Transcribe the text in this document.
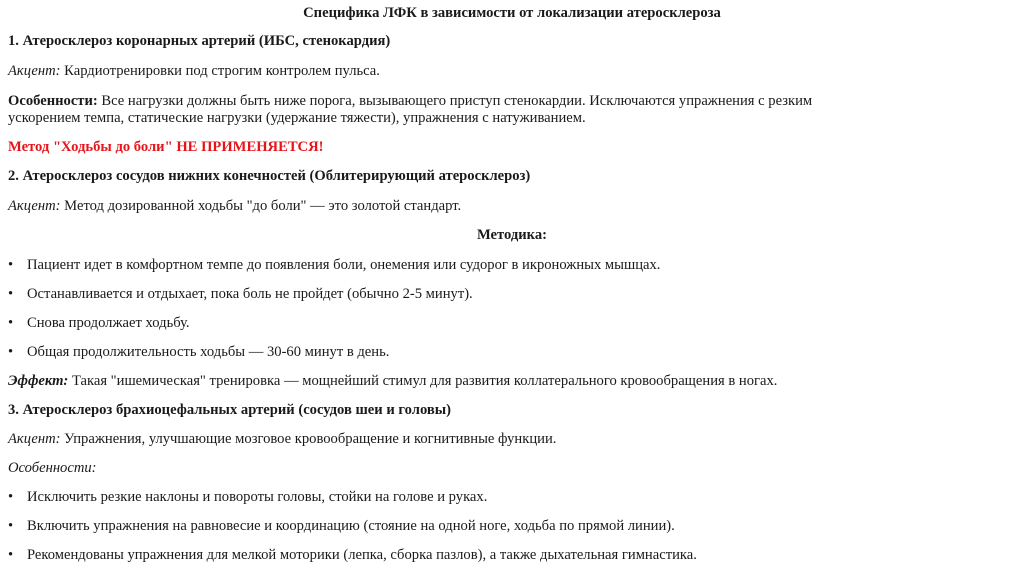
Специфика ЛФК в зависимости от локализации атеросклероза
1. Атеросклероз коронарных артерий (ИБС, стенокардия)
Акцент: Кардиотренировки под строгим контролем пульса.
Особенности: Все нагрузки должны быть ниже порога, вызывающего приступ стенокардии. Исключаются упражнения с резким
ускорением темпа, статические нагрузки (удержание тяжести), упражнения с натуживанием.
Метод "Ходьбы до боли" НЕ ПРИМЕНЯЕТСЯ!
2. Атеросклероз сосудов нижних конечностей (Облитерирующий атеросклероз)
Акцент: Метод дозированной ходьбы "до боли" — это золотой стандарт.
Методика:
• Пациент идет в комфортном темпе до появления боли, онемения или судорог в икроножных мышцах.
• Останавливается и отдыхает, пока боль не пройдет (обычно 2-5 минут).
• Снова продолжает ходьбу.
• Общая продолжительность ходьбы — 30-60 минут в день.
Эффект: Такая "ишемическая" тренировка — мощнейший стимул для развития коллатерального кровообращения в ногах.
3. Атеросклероз брахиоцефальных артерий (сосудов шеи и головы)
Акцент: Упражнения, улучшающие мозговое кровообращение и когнитивные функции.
Особенности:
• Исключить резкие наклоны и повороты головы, стойки на голове и руках.
• Включить упражнения на равновесие и координацию (стояние на одной ноге, ходьба по прямой линии).
• Рекомендованы упражнения для мелкой моторики (лепка, сборка пазлов), а также дыхательная гимнастика.
